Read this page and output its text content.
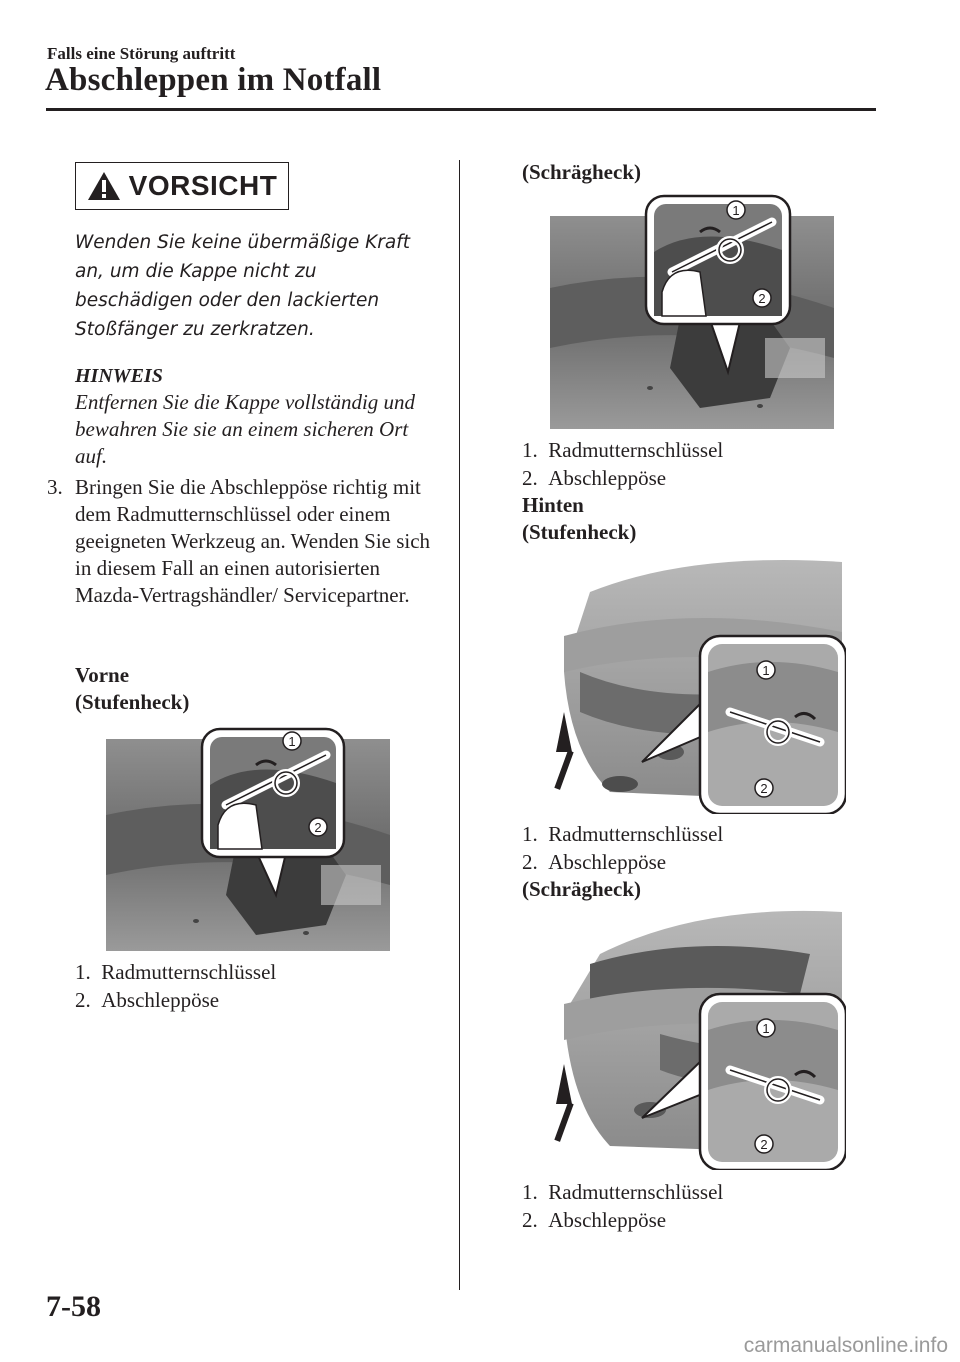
Falls eine Störung auftritt
Abschleppen im Notfall
VORSICHT
Wenden Sie keine übermäßige Kraft an, um die Kappe nicht zu beschädigen oder den lackierten Stoßfänger zu zerkratzen.
HINWEIS
Entfernen Sie die Kappe vollständig und bewahren Sie sie an einem sicheren Ort auf.
3. Bringen Sie die Abschleppöse richtig mit dem Radmutternschlüssel oder einem geeigneten Werkzeug an. Wenden Sie sich in diesem Fall an einen autorisierten Mazda-Vertragshändler/ Servicepartner.
Vorne
(Stufenheck)
1
2
1. Radmutternschlüssel
2. Abschleppöse
(Schrägheck)
1
2
1. Radmutternschlüssel
2. Abschleppöse
Hinten
(Stufenheck)
1
2
1. Radmutternschlüssel
2. Abschleppöse
(Schrägheck)
1
2
1. Radmutternschlüssel
2. Abschleppöse
7-58
carmanualsonline.info
